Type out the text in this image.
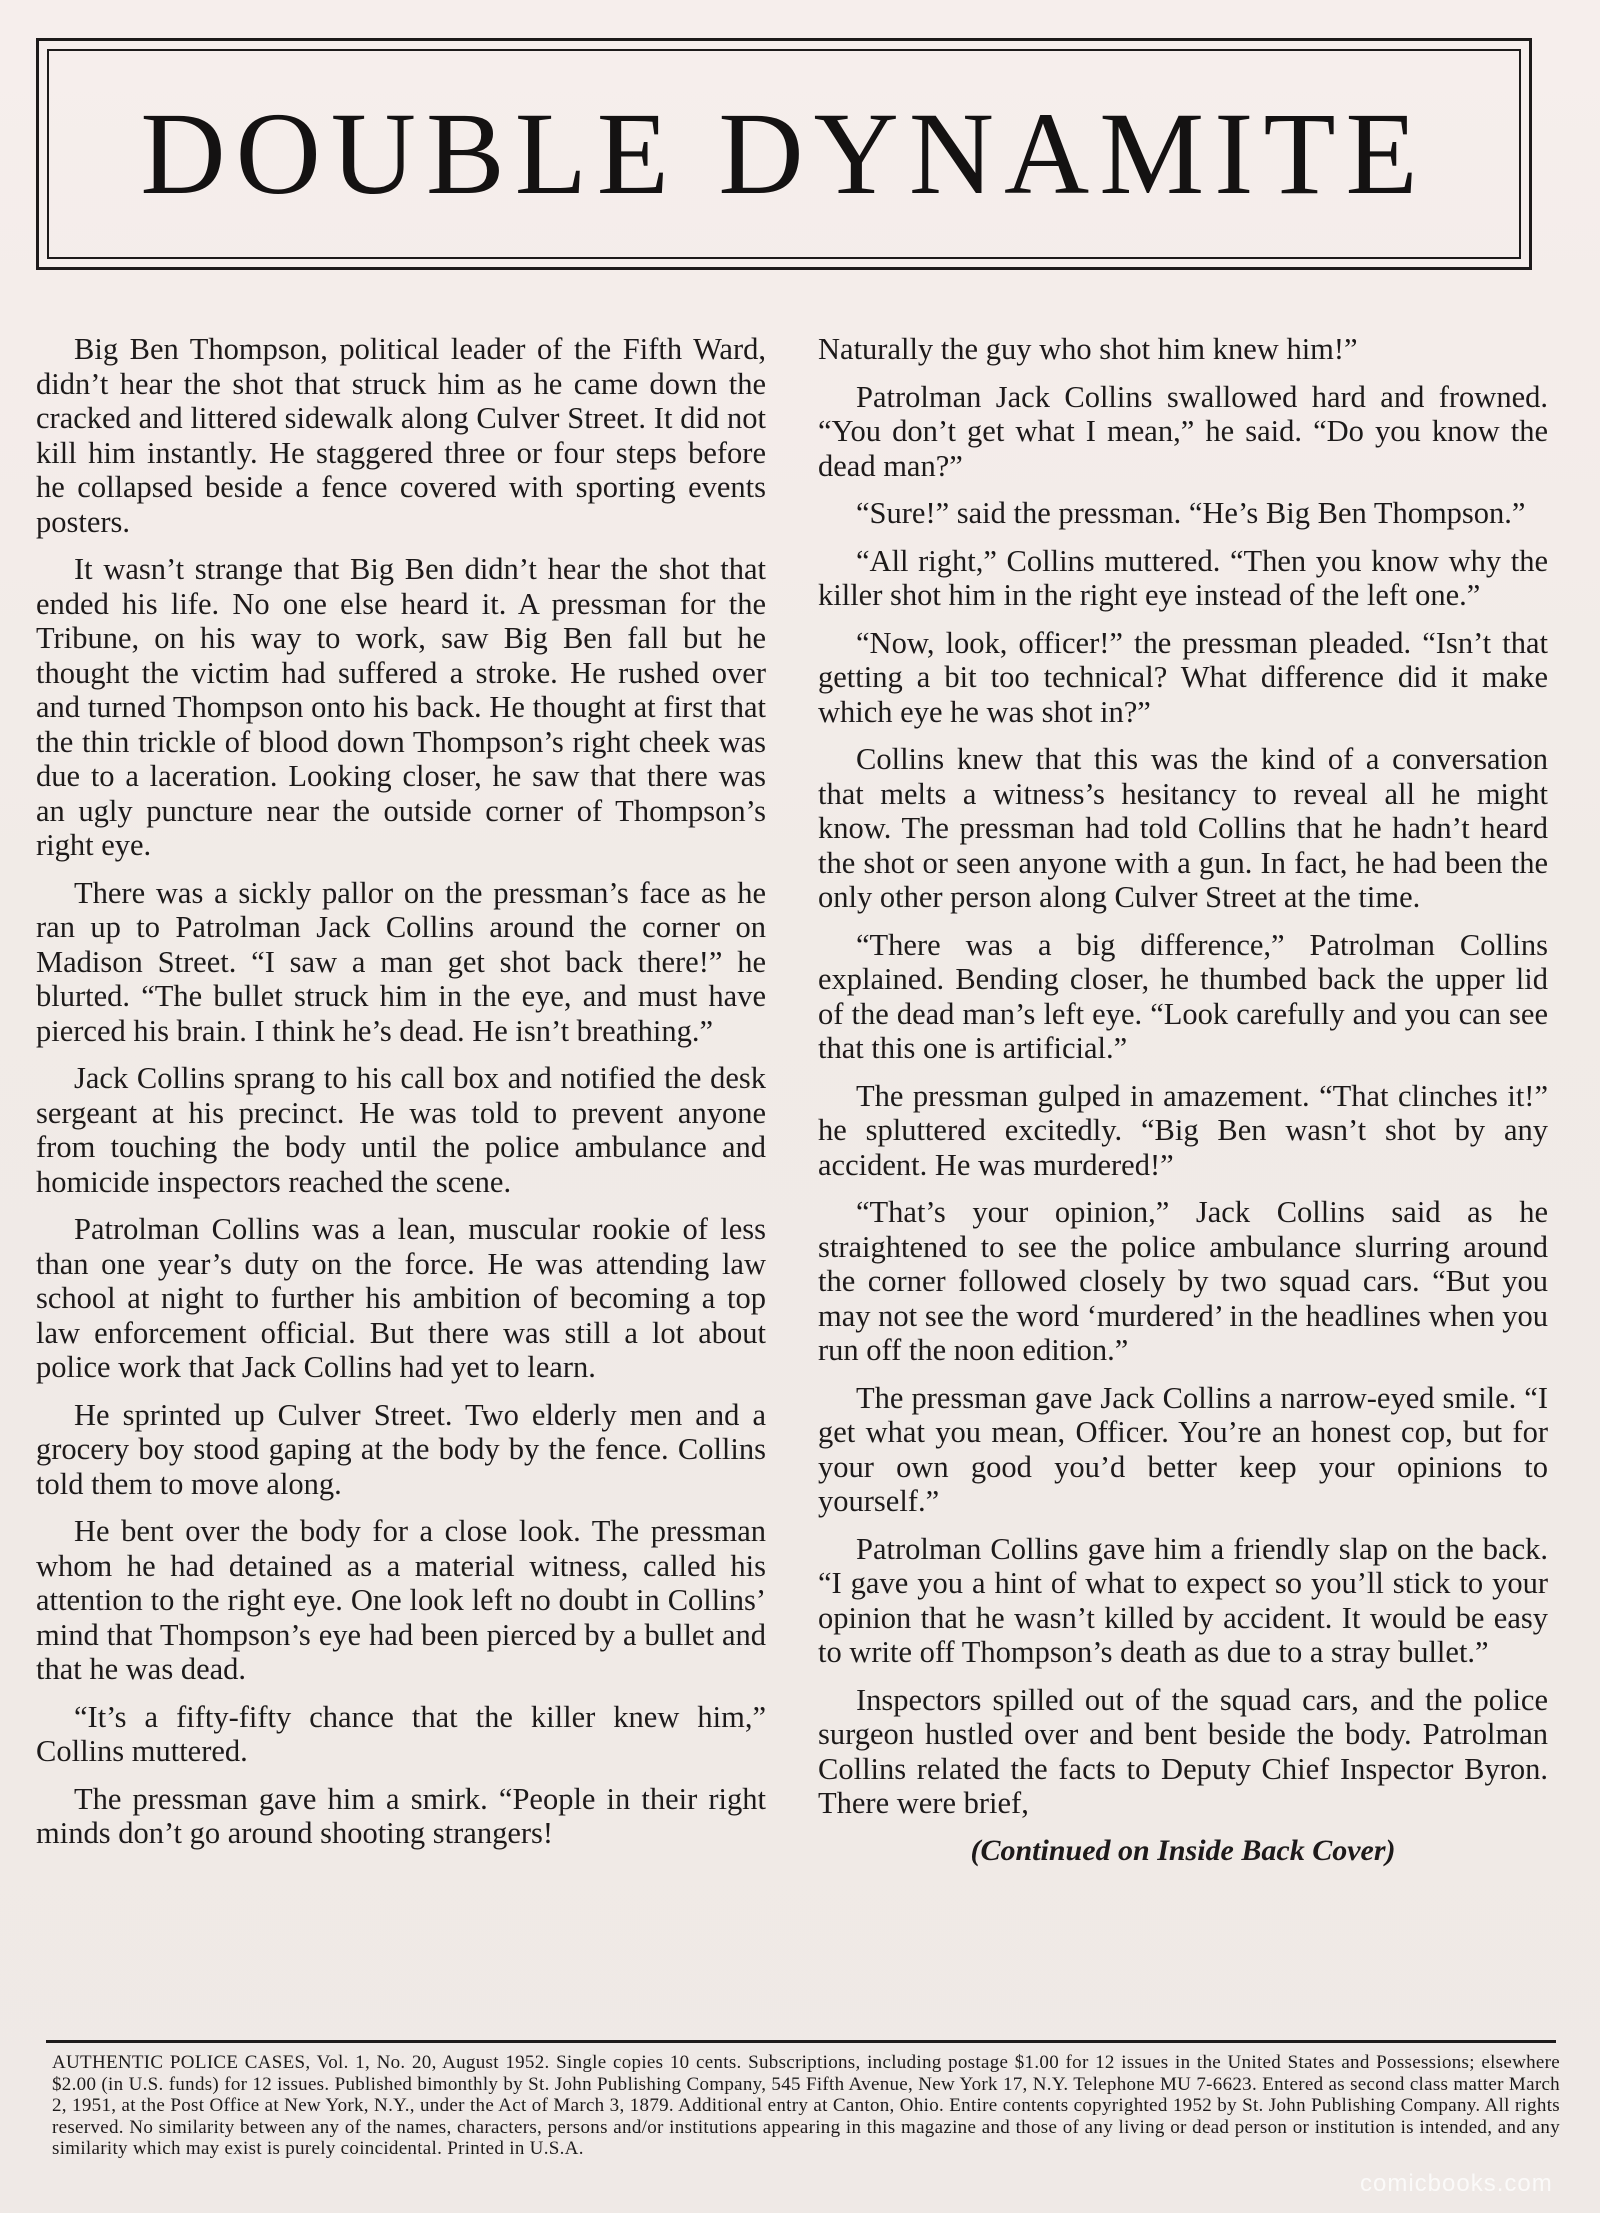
DOUBLE DYNAMITE

Big Ben Thompson, political leader of the Fifth Ward, didn’t hear the shot that struck him as he came down the cracked and littered sidewalk along Culver Street. It did not kill him instantly. He staggered three or four steps before he collapsed beside a fence covered with sporting events posters.

It wasn’t strange that Big Ben didn’t hear the shot that ended his life. No one else heard it. A pressman for the Tribune, on his way to work, saw Big Ben fall but he thought the victim had suffered a stroke. He rushed over and turned Thompson onto his back. He thought at first that the thin trickle of blood down Thompson’s right cheek was due to a laceration. Looking closer, he saw that there was an ugly puncture near the outside corner of Thompson’s right eye.

There was a sickly pallor on the pressman’s face as he ran up to Patrolman Jack Collins around the corner on Madison Street. “I saw a man get shot back there!” he blurted. “The bullet struck him in the eye, and must have pierced his brain. I think he’s dead. He isn’t breathing.”

Jack Collins sprang to his call box and notified the desk sergeant at his precinct. He was told to prevent anyone from touching the body until the police ambulance and homicide inspectors reached the scene.

Patrolman Collins was a lean, muscular rookie of less than one year’s duty on the force. He was attending law school at night to further his ambition of becoming a top law enforcement official. But there was still a lot about police work that Jack Collins had yet to learn.

He sprinted up Culver Street. Two elderly men and a grocery boy stood gaping at the body by the fence. Collins told them to move along.

He bent over the body for a close look. The pressman whom he had detained as a material witness, called his attention to the right eye. One look left no doubt in Collins’ mind that Thompson’s eye had been pierced by a bullet and that he was dead.

“It’s a fifty-fifty chance that the killer knew him,” Collins muttered.

The pressman gave him a smirk. “People in their right minds don’t go around shooting strangers!

Naturally the guy who shot him knew him!”

Patrolman Jack Collins swallowed hard and frowned. “You don’t get what I mean,” he said. “Do you know the dead man?”

“Sure!” said the pressman. “He’s Big Ben Thompson.”

“All right,” Collins muttered. “Then you know why the killer shot him in the right eye instead of the left one.”

“Now, look, officer!” the pressman pleaded. “Isn’t that getting a bit too technical? What difference did it make which eye he was shot in?”

Collins knew that this was the kind of a conversation that melts a witness’s hesitancy to reveal all he might know. The pressman had told Collins that he hadn’t heard the shot or seen anyone with a gun. In fact, he had been the only other person along Culver Street at the time.

“There was a big difference,” Patrolman Collins explained. Bending closer, he thumbed back the upper lid of the dead man’s left eye. “Look carefully and you can see that this one is artificial.”

The pressman gulped in amazement. “That clinches it!” he spluttered excitedly. “Big Ben wasn’t shot by any accident. He was murdered!”

“That’s your opinion,” Jack Collins said as he straightened to see the police ambulance slurring around the corner followed closely by two squad cars. “But you may not see the word ‘murdered’ in the headlines when you run off the noon edition.”

The pressman gave Jack Collins a narrow-eyed smile. “I get what you mean, Officer. You’re an honest cop, but for your own good you’d better keep your opinions to yourself.”

Patrolman Collins gave him a friendly slap on the back. “I gave you a hint of what to expect so you’ll stick to your opinion that he wasn’t killed by accident. It would be easy to write off Thompson’s death as due to a stray bullet.”

Inspectors spilled out of the squad cars, and the police surgeon hustled over and bent beside the body. Patrolman Collins related the facts to Deputy Chief Inspector Byron. There were brief,

(Continued on Inside Back Cover)

AUTHENTIC POLICE CASES, Vol. 1, No. 20, August 1952. Single copies 10 cents. Subscriptions, including postage $1.00 for 12 issues in the United States and Possessions; elsewhere $2.00 (in U.S. funds) for 12 issues. Published bimonthly by St. John Publishing Company, 545 Fifth Avenue, New York 17, N.Y. Telephone MU 7-6623. Entered as second class matter March 2, 1951, at the Post Office at New York, N.Y., under the Act of March 3, 1879. Additional entry at Canton, Ohio. Entire contents copyrighted 1952 by St. John Publishing Company. All rights reserved. No similarity between any of the names, characters, persons and/or institutions appearing in this magazine and those of any living or dead person or institution is intended, and any similarity which may exist is purely coincidental. Printed in U.S.A.
comicbooks.com
